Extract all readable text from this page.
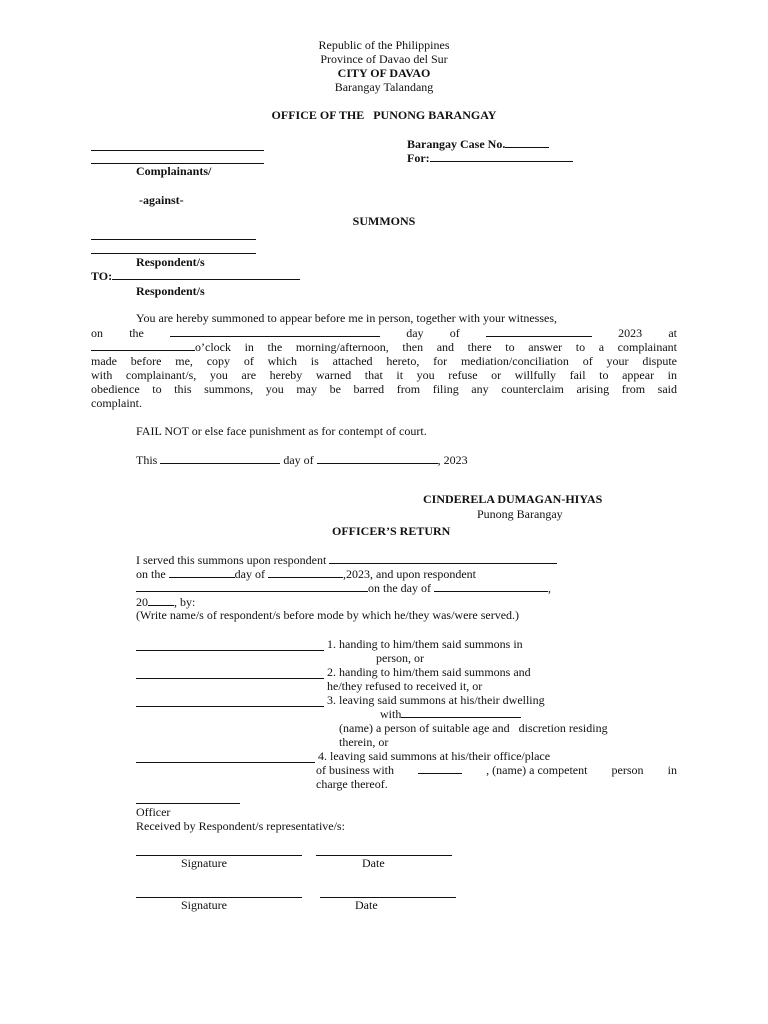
Republic of the Philippines
Province of Davao del Sur
CITY OF DAVAO
Barangay Talandang
OFFICE OF THE   PUNONG BARANGAY
Complainants/
-against-
Barangay Case No.
For:
SUMMONS
Respondent/s
TO:
Respondent/s
You are hereby summoned to appear before me in person, together with your witnesses,
on the	day of	2023 at
o’clock in the morning/afternoon, then and there to answer to a complainant
made before me, copy of which is attached hereto, for mediation/conciliation of your dispute
with complainant/s, you are hereby warned that it you refuse or willfully fail to appear in
obedience to this summons, you may be barred from filing any counterclaim arising from said
complaint.
FAIL NOT or else face punishment as for contempt of court.
This	day of	, 2023
CINDERELA DUMAGAN-HIYAS
Punong Barangay
OFFICER’S RETURN
I served this summons upon respondent
on the	day of	,2023, and upon respondent
on the day of	,
20 , by:
(Write name/s of respondent/s before mode by which he/they was/were served.)
1. handing to him/them said summons in
person, or
2. handing to him/them said summons and
he/they refused to received it, or
3. leaving said summons at his/their dwelling
with
(name) a person of suitable age and   discretion residing
therein, or
4. leaving said summons at his/their office/place
of business with	, (name) a competent person in
charge thereof.
Officer
Received by Respondent/s representative/s:
Signature	Date
Signature	Date
